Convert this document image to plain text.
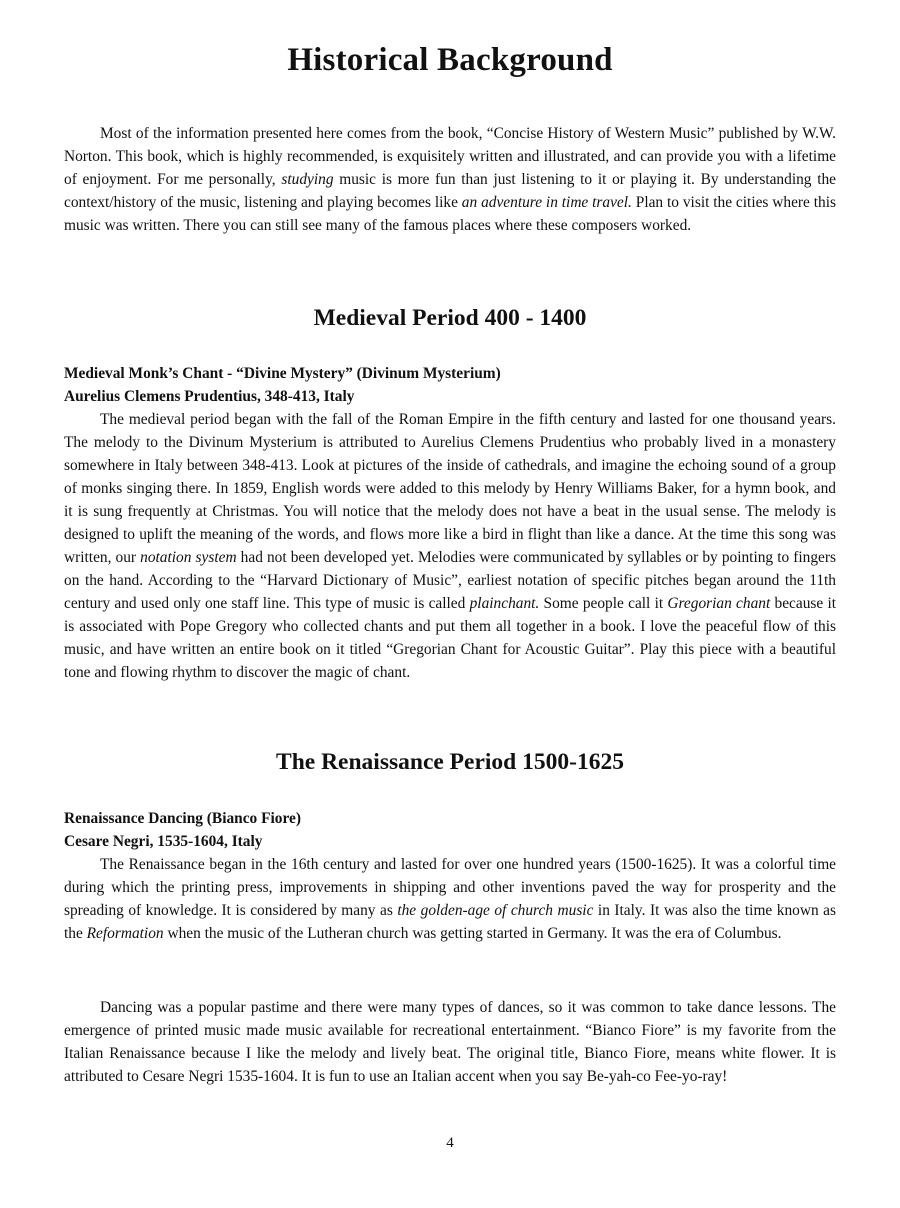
Historical Background

Most of the information presented here comes from the book, “Concise History of Western Music” published by W.W. Norton. This book, which is highly recommended, is exquisitely written and illustrated, and can provide you with a lifetime of enjoyment. For me personally, studying music is more fun than just listening to it or playing it. By understanding the context/history of the music, listening and playing becomes like an adventure in time travel. Plan to visit the cities where this music was written. There you can still see many of the famous places where these composers worked.

Medieval Period 400 - 1400
Medieval Monk’s Chant - “Divine Mystery” (Divinum Mysterium)
Aurelius Clemens Prudentius, 348-413, Italy

The medieval period began with the fall of the Roman Empire in the fifth century and lasted for one thousand years. The melody to the Divinum Mysterium is attributed to Aurelius Clemens Prudentius who probably lived in a monastery somewhere in Italy between 348-413. Look at pictures of the inside of cathedrals, and imagine the echoing sound of a group of monks singing there. In 1859, English words were added to this melody by Henry Williams Baker, for a hymn book, and it is sung frequently at Christmas. You will notice that the melody does not have a beat in the usual sense. The melody is designed to uplift the meaning of the words, and flows more like a bird in flight than like a dance. At the time this song was written, our notation system had not been developed yet. Melodies were communicated by syllables or by pointing to fingers on the hand. According to the “Harvard Dictionary of Music”, earliest notation of specific pitches began around the 11th century and used only one staff line. This type of music is called plainchant. Some people call it Gregorian chant because it is associated with Pope Gregory who collected chants and put them all together in a book. I love the peaceful flow of this music, and have written an entire book on it titled “Gregorian Chant for Acoustic Guitar”. Play this piece with a beautiful tone and flowing rhythm to discover the magic of chant.

The Renaissance Period 1500-1625
Renaissance Dancing (Bianco Fiore)
Cesare Negri, 1535-1604, Italy

The Renaissance began in the 16th century and lasted for over one hundred years (1500-1625). It was a colorful time during which the printing press, improvements in shipping and other inventions paved the way for prosperity and the spreading of knowledge. It is considered by many as the golden-age of church music in Italy. It was also the time known as the Reformation when the music of the Lutheran church was getting started in Germany. It was the era of Columbus.

Dancing was a popular pastime and there were many types of dances, so it was common to take dance lessons. The emergence of printed music made music available for recreational entertainment. “Bianco Fiore” is my favorite from the Italian Renaissance because I like the melody and lively beat. The original title, Bianco Fiore, means white flower. It is attributed to Cesare Negri 1535-1604. It is fun to use an Italian accent when you say Be-yah-co Fee-yo-ray!

4
